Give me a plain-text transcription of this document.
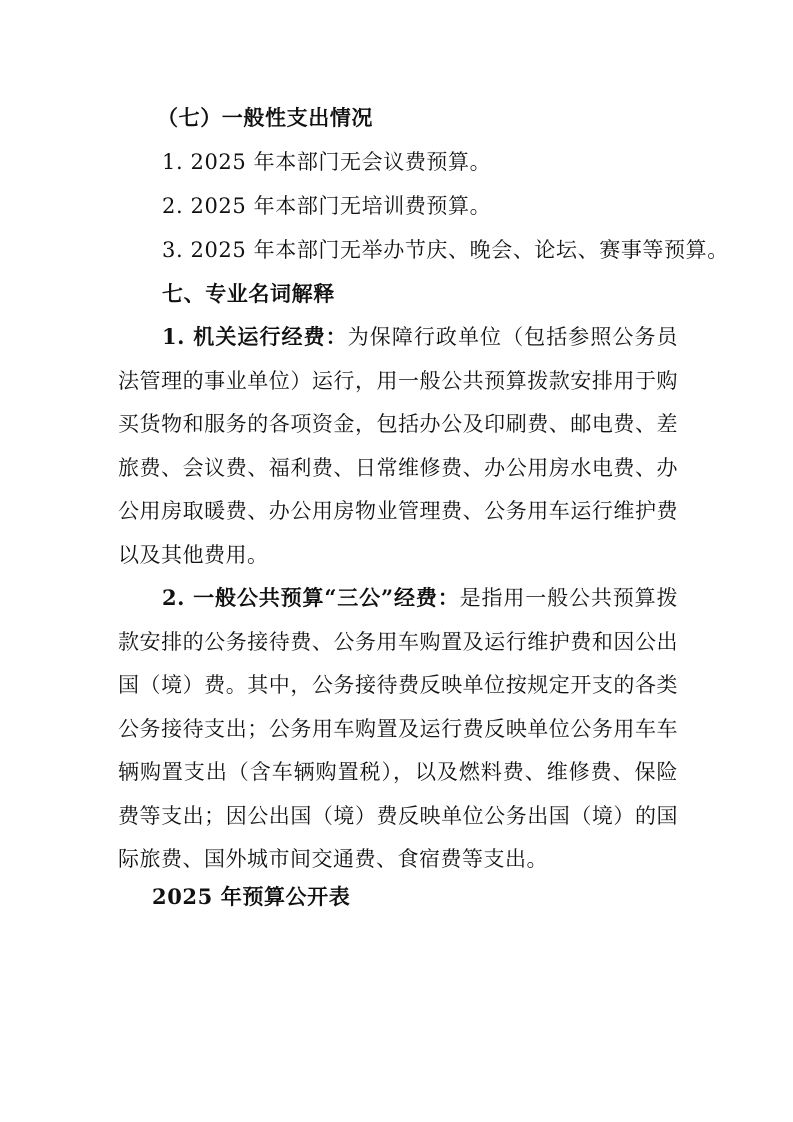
（七）一般性支出情况
1. 2025 年本部门无会议费预算。
2. 2025 年本部门无培训费预算。
3. 2025 年本部门无举办节庆、晚会、论坛、赛事等预算。
七、专业名词解释
1. 机关运行经费：为保障行政单位（包括参照公务员法管理的事业单位）运行，用一般公共预算拨款安排用于购买货物和服务的各项资金，包括办公及印刷费、邮电费、差旅费、会议费、福利费、日常维修费、办公用房水电费、办公用房取暖费、办公用房物业管理费、公务用车运行维护费以及其他费用。
2. 一般公共预算“三公”经费：是指用一般公共预算拨款安排的公务接待费、公务用车购置及运行维护费和因公出国（境）费。其中，公务接待费反映单位按规定开支的各类公务接待支出；公务用车购置及运行费反映单位公务用车车辆购置支出（含车辆购置税），以及燃料费、维修费、保险费等支出；因公出国（境）费反映单位公务出国（境）的国际旅费、国外城市间交通费、食宿费等支出。
2025 年预算公开表
